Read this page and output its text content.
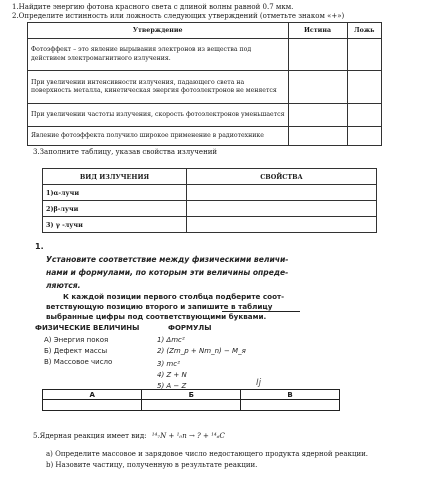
1.Найдите энергию фотона красного света с длиной волны равной 0.7 мкм.
2.Определите истинность или ложность следующих утверждений (отметьте знаком «+»)
Утверждение	Истина	Ложь
Фотоэффект – это явление вырывания электронов из вещества под действием электромагнитного излучения.		
При увеличении интенсивности излучения, падающего света на поверхность металла, кинетическая энергия фотоэлектронов не меняется		
При увеличении частоты излучения, скорость фотоэлектронов уменьшается		
Явление фотоэффекта получило широкое применение в радиотехнике		
3.Заполните таблицу, указав свойства излучений
ВИД ИЗЛУЧЕНИЯ	СВОЙСТВА
1)α-лучи	
2)β-лучи	
3) γ -лучи	
1.
Установите соответствие между физическими величи-
нами и формулами, по которым эти величины опреде-
ляются.
К каждой позиции первого столбца подберите соот-
ветствующую позицию второго и запишите в таблицу
выбранные цифры под соответствующими буквами.
ФИЗИЧЕСКИЕ ВЕЛИЧИНЫ	ФОРМУЛЫ
А) Энергия покоя
Б) Дефект массы
В) Массовое число
1) Δmc²
2) (Zm_p + Nm_n) − M_я
3) mc²
4) Z + N
5) A − Z	Ij
А	Б	В

5.Ядерная реакция имеет вид: ¹⁴₇N + ¹₀n → ? + ¹⁴₆C
a) Определите массовое и зарядовое число недостающего продукта ядерной реакции.
b) Назовите частицу, полученную в результате реакции.
